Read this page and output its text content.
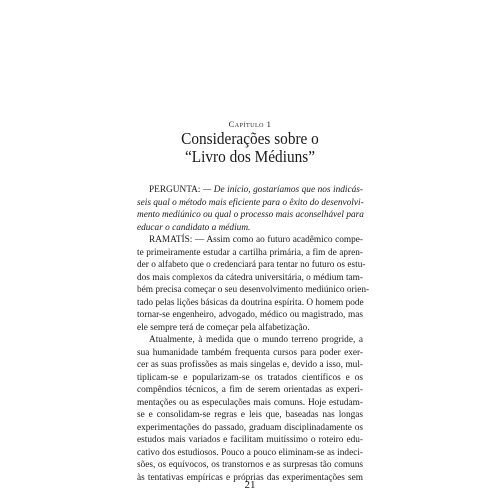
Capítulo 1
Considerações sobre o
“Livro dos Médiuns”
PERGUNTA: — De início, gostaríamos que nos indicás-
seis qual o método mais eficiente para o êxito do desenvolvi-
mento mediúnico ou qual o processo mais aconselhável para
educar o candidato a médium.
RAMATÍS: — Assim como ao futuro acadêmico compe-
te primeiramente estudar a cartilha primária, a fim de apren-
der o alfabeto que o credenciará para tentar no futuro os estu-
dos mais complexos da cátedra universitária, o médium tam-
bém precisa começar o seu desenvolvimento mediúnico orien-
tado pelas lições básicas da doutrina espírita. O homem pode
tornar-se engenheiro, advogado, médico ou magistrado, mas
ele sempre terá de começar pela alfabetização.
Atualmente, à medida que o mundo terreno progride, a
sua humanidade também frequenta cursos para poder exer-
cer as suas profissões as mais singelas e, devido a isso, mul-
tiplicam-se e popularizam-se os tratados científicos e os
compêndios técnicos, a fim de serem orientadas as experi-
mentações ou as especulações mais comuns. Hoje estudam-
se e consolidam-se regras e leis que, baseadas nas longas
experimentações do passado, graduam disciplinadamente os
estudos mais variados e facilitam muitíssimo o roteiro edu-
cativo dos estudiosos. Pouco a pouco eliminam-se as indeci-
sões, os equívocos, os transtornos e as surpresas tão comuns
às tentativas empíricas e próprias das experimentações sem
21
